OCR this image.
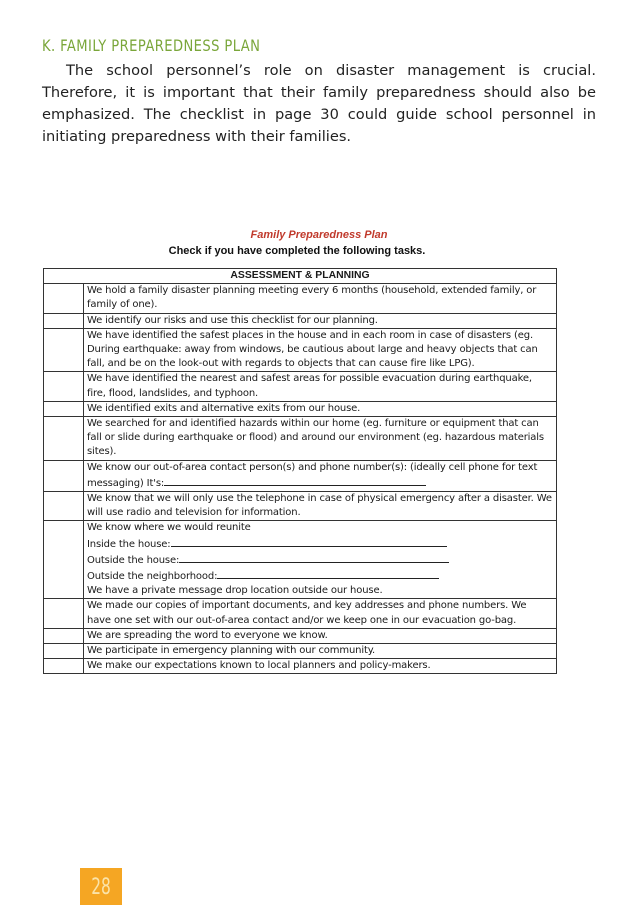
K. FAMILY PREPAREDNESS PLAN
The school personnel’s role on disaster management is crucial. Therefore, it is important that their family preparedness should also be emphasized. The checklist in page 30 could guide school personnel in initiating preparedness with their families.
Family Preparedness Plan
Check if you have completed the following tasks.
ASSESSMENT & PLANNING	

	We hold a family disaster planning meeting every 6 months (household, extended family, or family of one).

	We identify our risks and use this checklist for our planning.

	We have identified the safest places in the house and in each room in case of disasters (eg. During earthquake: away from windows, be cautious about large and heavy objects that can fall, and be on the look-out with regards to objects that can cause fire like LPG).

	We have identified the nearest and safest areas for possible evacuation during earthquake, fire, flood, landslides, and typhoon.

	We identified exits and alternative exits from our house.

	We searched for and identified hazards within our home (eg. furniture or equipment that can fall or slide during earthquake or flood) and around our environment (eg. hazardous materials sites).

	We know our out-of-area contact person(s) and phone number(s): (ideally cell phone for text messaging) It's:

	We know that we will only use the telephone in case of physical emergency after a disaster. We will use radio and television for information.

	We know where we would reunite
Inside the house:
Outside the house:
Outside the neighborhood:
We have a private message drop location outside our house.

	We made our copies of important documents, and key addresses and phone numbers. We have one set with our out-of-area contact and/or we keep one in our evacuation go-bag.

	We are spreading the word to everyone we know.

	We participate in emergency planning with our community.

	We make our expectations known to local planners and policy-makers.
28
